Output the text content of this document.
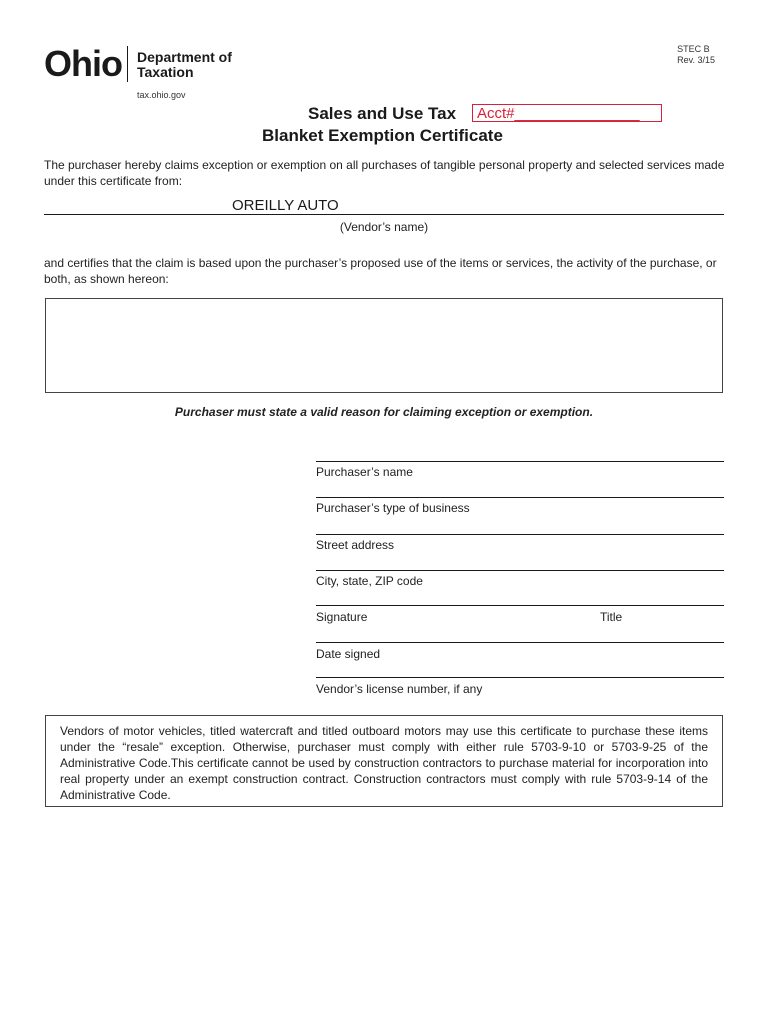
Ohio Department of
Taxation
tax.ohio.gov
STEC B
Rev. 3/15
Sales and Use Tax	Acct#_______________
Blanket Exemption Certificate
The purchaser hereby claims exception or exemption on all purchases of tangible personal property and selected services made under this certificate from:
OREILLY AUTO
(Vendor’s name)
and certifies that the claim is based upon the purchaser’s proposed use of the items or services, the activity of the purchase, or both, as shown hereon:
Purchaser must state a valid reason for claiming exception or exemption.
Purchaser’s name
Purchaser’s type of business
Street address
City, state, ZIP code
Signature	Title
Date signed
Vendor’s license number, if any
Vendors of motor vehicles, titled watercraft and titled outboard motors may use this certificate to purchase these items under the “resale” exception. Otherwise, purchaser must comply with either rule 5703-9-10 or 5703-9-25 of the Administrative Code.This certificate cannot be used by construction contractors to purchase material for incorporation into real property under an exempt construction contract. Construction contractors must comply with rule 5703-9-14 of the Administrative Code.
